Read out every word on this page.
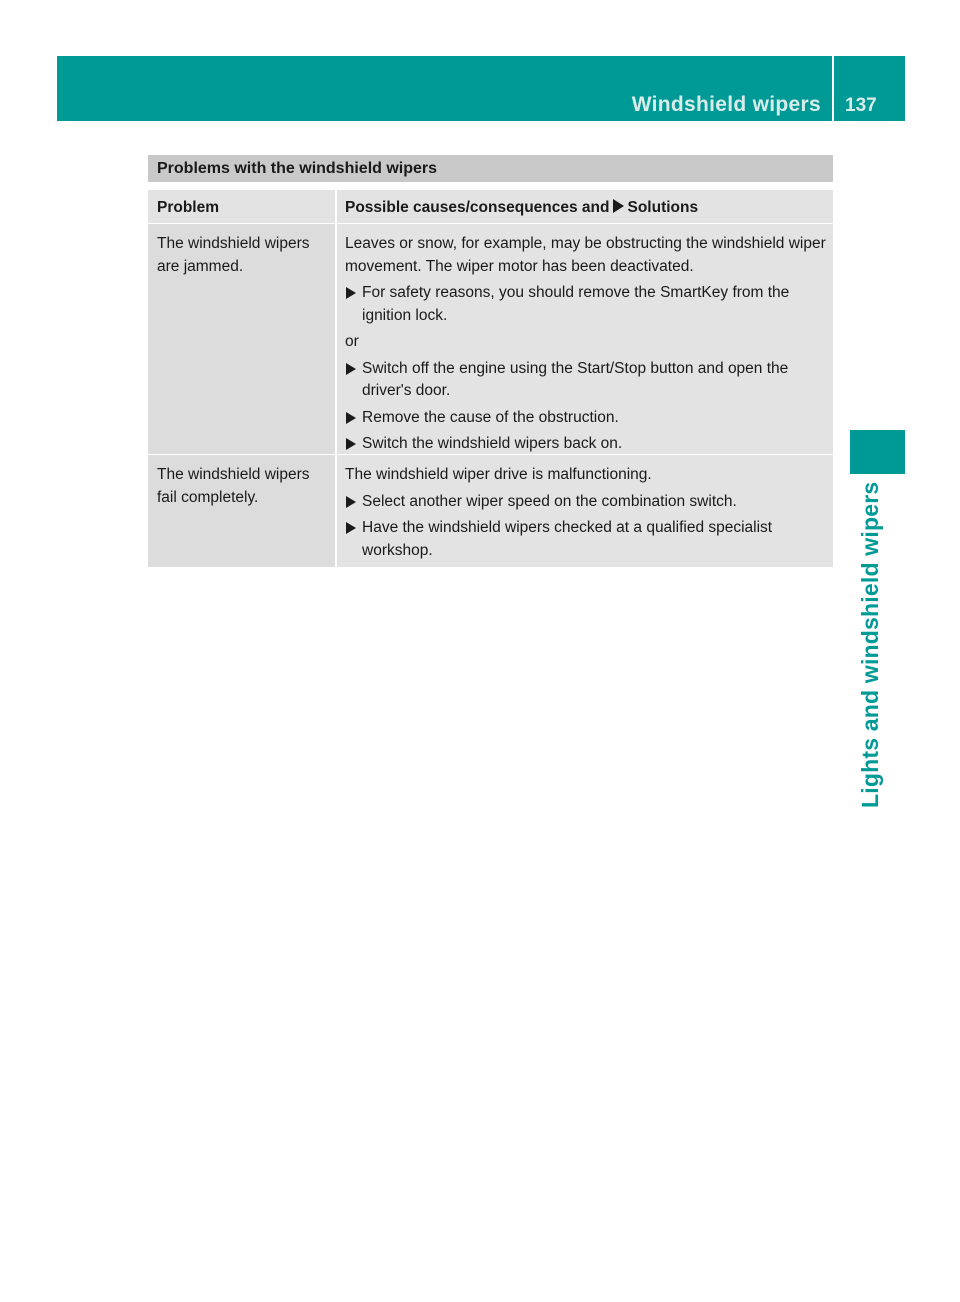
Windshield wipers 137
Lights and windshield wipers
Problems with the windshield wipers
Problem	Possible causes/consequences and Solutions
The windshield wipers are jammed.
Leaves or snow, for example, may be obstructing the windshield wiper movement. The wiper motor has been deactivated.
For safety reasons, you should remove the SmartKey from the ignition lock.
or
Switch off the engine using the Start/Stop button and open the driver's door.
Remove the cause of the obstruction.
Switch the windshield wipers back on.
The windshield wipers fail completely.
The windshield wiper drive is malfunctioning.
Select another wiper speed on the combination switch.
Have the windshield wipers checked at a qualified specialist workshop.
